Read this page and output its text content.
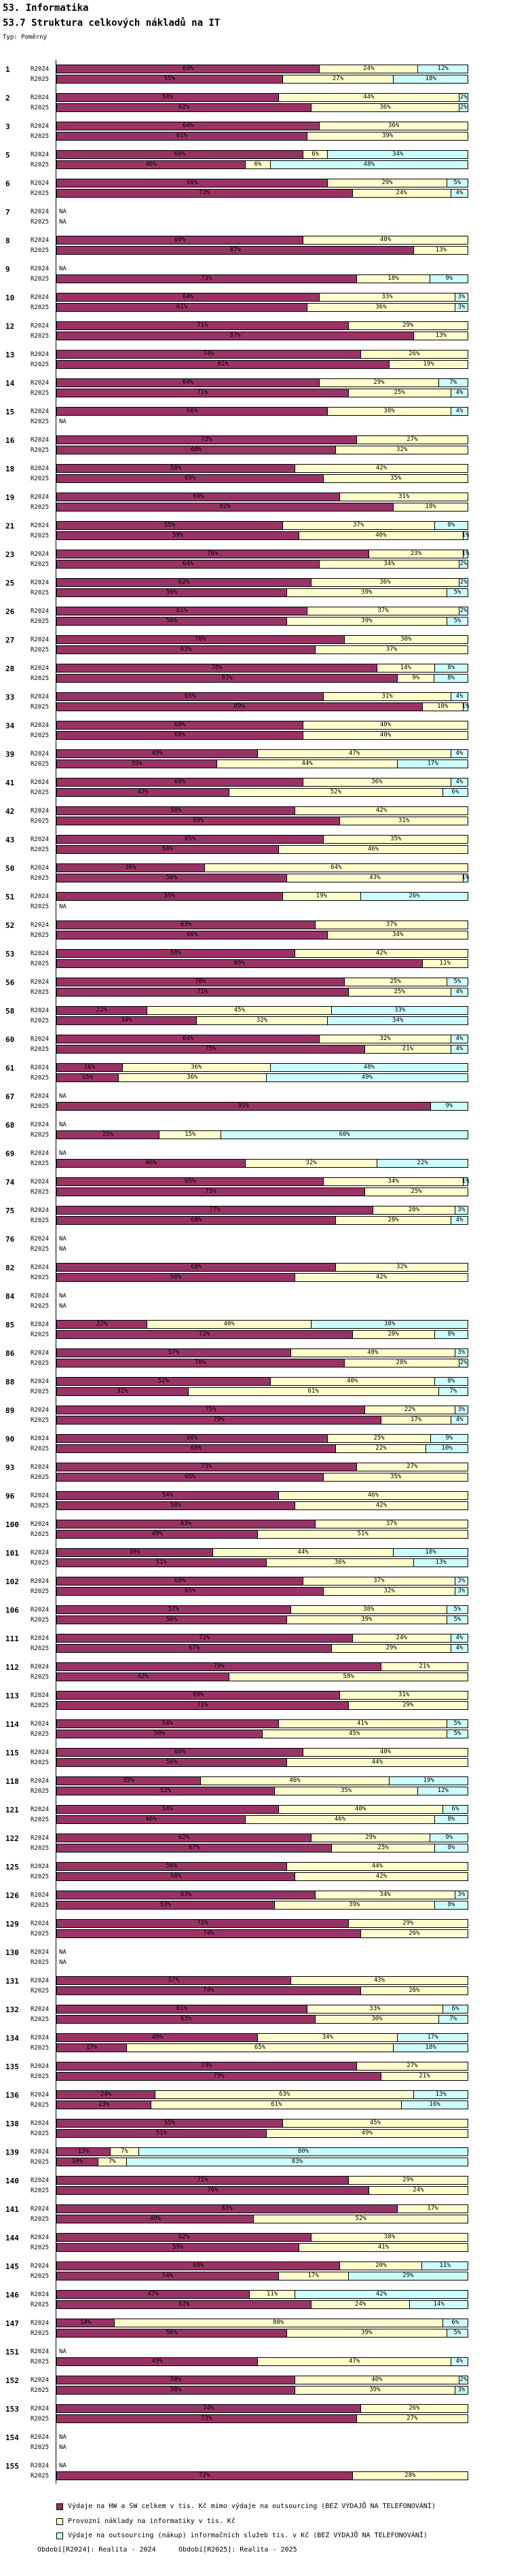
53. Informatika
53.7 Struktura celkových nákladů na IT
Typ: Poměrný
1	R2024	64%	24%	12%
R2025	55%	27%	18%
2	R2024	54%	44%	2%
R2025	62%	36%	2%
3	R2024	64%	36%
R2025	61%	39%
5	R2024	60%	6%	34%
R2025	46%	6%	48%
6	R2024	66%	29%	5%
R2025	72%	24%	4%
7	R2024 NA
R2025 NA
8	R2024	60%	40%
R2025	87%	13%
9	R2024 NA
R2025	73%	18%	9%
10	R2024	64%	33%	3%
R2025	61%	36%	3%
12	R2024	71%	29%
R2025	87%	13%
13	R2024	74%	26%
R2025	81%	19%
14	R2024	64%	29%	7%
R2025	71%	25%	4%
15	R2024	66%	30%	4%
R2025 NA
16	R2024	73%	27%
R2025	68%	32%
18	R2024	58%	42%
R2025	65%	35%
19	R2024	69%	31%
R2025	82%	18%
21	R2024	55%	37%	8%
R2025	59%	40%	1%
23	R2024	76%	23%	1%
R2025	64%	34%	2%
25	R2024	62%	36%	2%
R2025	56%	39%	5%
26	R2024	61%	37%	2%
R2025	56%	39%	5%
27	R2024	70%	30%
R2025	63%	37%
28	R2024	78%	14%	8%
R2025	83%	9%	8%
33	R2024	65%	31%	4%
R2025	89%	10% 1%
34	R2024	60%	40%
R2025	60%	40%
39	R2024	49%	47%	4%
R2025	39%	44%	17%
41	R2024	60%	36%	4%
R2025	42%	52%	6%
42	R2024	58%	42%
R2025	69%	31%
43	R2024	65%	35%
R2025	54%	46%
50	R2024	36%	64%
R2025	56%	43%	1%
51	R2024	55%	19%	26%
R2025 NA
52	R2024	63%	37%
R2025	66%	34%
53	R2024	58%	42%
R2025	89%	11%
56	R2024	70%	25%	5%
R2025	71%	25%	4%
58	R2024	22%	45%	33%
R2025	34%	32%	34%
60	R2024	64%	32%	4%
R2025	75%	21%	4%
61	R2024	16%	36%	48%
R2025	15%	36%	49%
67	R2024 NA
R2025	91%	9%
68	R2024 NA
R2025	25%	15%	60%
69	R2024 NA
R2025	46%	32%	22%
74	R2024	65%	34%	1%
R2025	75%	25%
75	R2024	77%	20%	3%
R2025	68%	28%	4%
76	R2024 NA
R2025 NA
82	R2024	68%	32%
R2025	58%	42%
84	R2024 NA
R2025 NA
85	R2024	22%	40%	38%
R2025	72%	20%	8%
86	R2024	57%	40%	3%
R2025	70%	28%	2%
88	R2024	52%	40%	8%
R2025	32%	61%	7%
89	R2024	75%	22%	3%
R2025	79%	17%	4%
90	R2024	66%	25%	9%
R2025	68%	22%	10%
93	R2024	73%	27%
R2025	65%	35%
96	R2024	54%	46%
R2025	58%	42%
100 R2024	63%	37%
R2025	49%	51%
101 R2024	38%	44%	18%
R2025	51%	36%	13%
102 R2024	60%	37%	3%
R2025	65%	32%	3%
106 R2024	57%	38%	5%
R2025	56%	39%	5%
111 R2024	72%	24%	4%
R2025	67%	29%	4%
112 R2024	79%	21%
R2025	42%	58%
113 R2024	69%	31%
R2025	71%	29%
114 R2024	54%	41%	5%
R2025	50%	45%	5%
115 R2024	60%	40%
R2025	56%	44%
118 R2024	35%	46%	19%
R2025	53%	35%	12%
121 R2024	54%	40%	6%
R2025	46%	46%	8%
122 R2024	62%	29%	9%
R2025	67%	25%	8%
125 R2024	56%	44%
R2025	58%	42%
126 R2024	63%	34%	3%
R2025	53%	39%	8%
129 R2024	71%	29%
R2025	74%	26%
130 R2024 NA
R2025 NA
131 R2024	57%	43%
R2025	74%	26%
132 R2024	61%	33%	6%
R2025	63%	30%	7%
134 R2024	49%	34%	17%
R2025	17%	65%	18%
135 R2024	73%	27%
R2025	79%	21%
136 R2024	24%	63%	13%
R2025	23%	61%	16%
138 R2024	55%	45%
R2025	51%	49%
139 R2024	13%	7%	80%
R2025	10%	7%	83%
140 R2024	71%	29%
R2025	76%	24%
141 R2024	83%	17%
R2025	48%	52%
144 R2024	62%	38%
R2025	59%	41%
145 R2024	69%	20%	11%
R2025	54%	17%	29%
146 R2024	47%	11%	42%
R2025	62%	24%	14%
147 R2024	14%	80%	6%
R2025	56%	39%	5%
151 R2024 NA
R2025	49%	47%	4%
152 R2024	58%	40%	2%
R2025	58%	39%	3%
153 R2024	74%	26%
R2025	73%	27%
154 R2024 NA
R2025 NA
155 R2024 NA
R2025	72%	28%
Výdaje na HW a SW celkem v tis. Kč mimo výdaje na outsourcing (BEZ VÝDAJŮ NA TELEFONOVÁNÍ)
Provozní náklady na informatiky v tis. Kč
Výdaje na outsourcing (nákup) informačních služeb tis. v Kč (BEZ VÝDAJŮ NA TELEFONOVÁNÍ)
Období[R2024]: Realita - 2024	Období[R2025]: Realita - 2025
